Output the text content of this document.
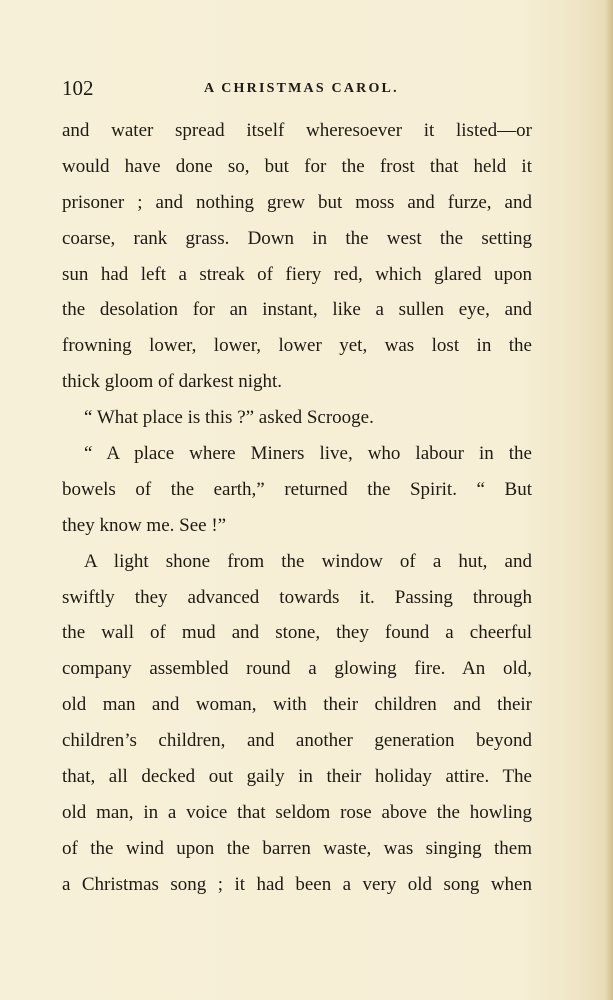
102	A CHRISTMAS CAROL.
and water spread itself wheresoever it listed—or
would have done so, but for the frost that held it
prisoner ; and nothing grew but moss and furze, and
coarse, rank grass. Down in the west the setting
sun had left a streak of fiery red, which glared upon
the desolation for an instant, like a sullen eye, and
frowning lower, lower, lower yet, was lost in the
thick gloom of darkest night.
“ What place is this ?” asked Scrooge.
“ A place where Miners live, who labour in the
bowels of the earth,” returned the Spirit. “ But
they know me. See !”
A light shone from the window of a hut, and
swiftly they advanced towards it. Passing through
the wall of mud and stone, they found a cheerful
company assembled round a glowing fire. An old,
old man and woman, with their children and their
children’s children, and another generation beyond
that, all decked out gaily in their holiday attire. The
old man, in a voice that seldom rose above the howling
of the wind upon the barren waste, was singing them
a Christmas song ; it had been a very old song when
